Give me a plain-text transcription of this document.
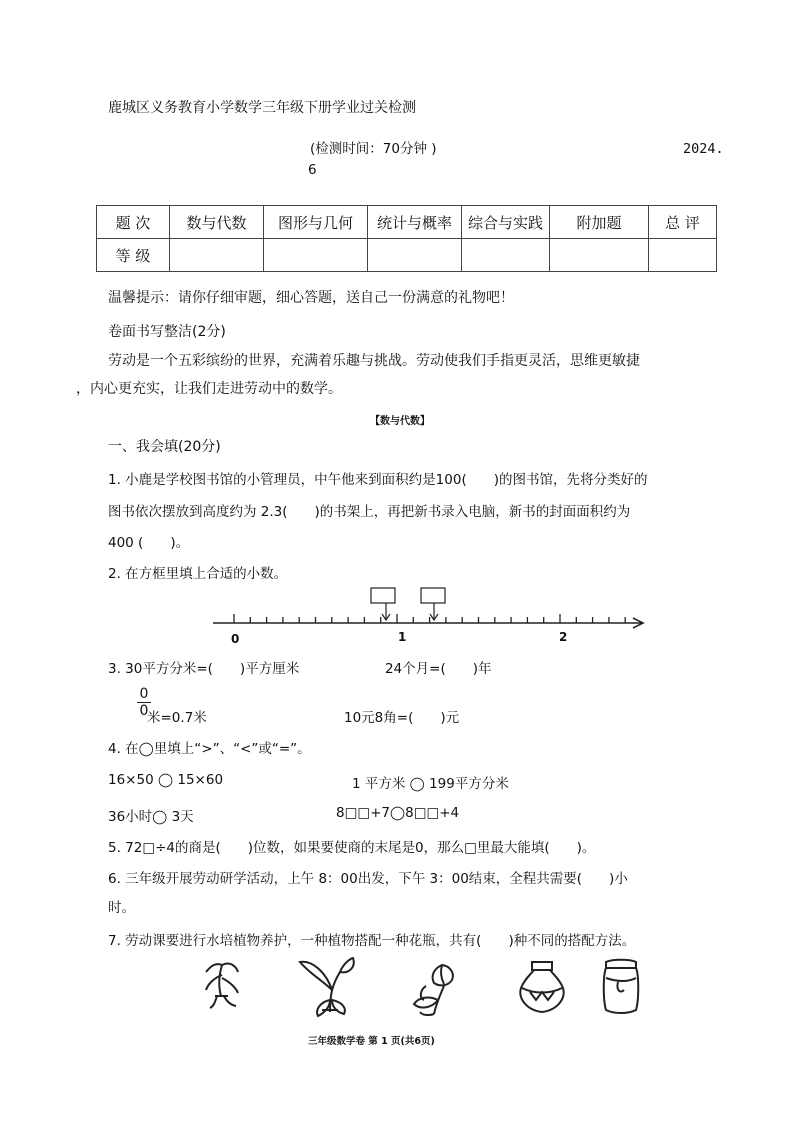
鹿城区义务教育小学数学三年级下册学业过关检测
(检测时间：70分钟 )	2024.
6
题 次	数与代数	图形与几何	统计与概率	综合与实践	附加题	总 评
等 级						
温馨提示：请你仔细审题，细心答题，送自己一份满意的礼物吧！
卷面书写整洁(2分)
劳动是一个五彩缤纷的世界，充满着乐趣与挑战。劳动使我们手指更灵活，思维更敏捷
，内心更充实，让我们走进劳动中的数学。
【数与代数】
一、我会填(20分)
1. 小鹿是学校图书馆的小管理员，中午他来到面积约是100(　　)的图书馆，先将分类好的
图书依次摆放到高度约为 2.3(　　)的书架上，再把新书录入电脑，新书的封面面积约为
400 (　　)。
2. 在方框里填上合适的小数。
0	1	2
3. 30平方分米=(　　)平方厘米	24个月=(　　)年
0
0
米=0.7米	10元8角=(　　)元
4. 在◯里填上“>”、“<”或“=”。
16×50 ◯ 15×60	1 平方米 ◯ 199平方分米
36小时◯ 3天	8□□+7◯8□□+4
5. 72□÷4的商是(　　)位数，如果要使商的末尾是0，那么□里最大能填(　　)。
6. 三年级开展劳动研学活动，上午 8：00出发，下午 3：00结束，全程共需要(　　)小
时。
7. 劳动课要进行水培植物养护，一种植物搭配一种花瓶，共有(　　)种不同的搭配方法。
三年级数学卷 第 1 页(共6页)
